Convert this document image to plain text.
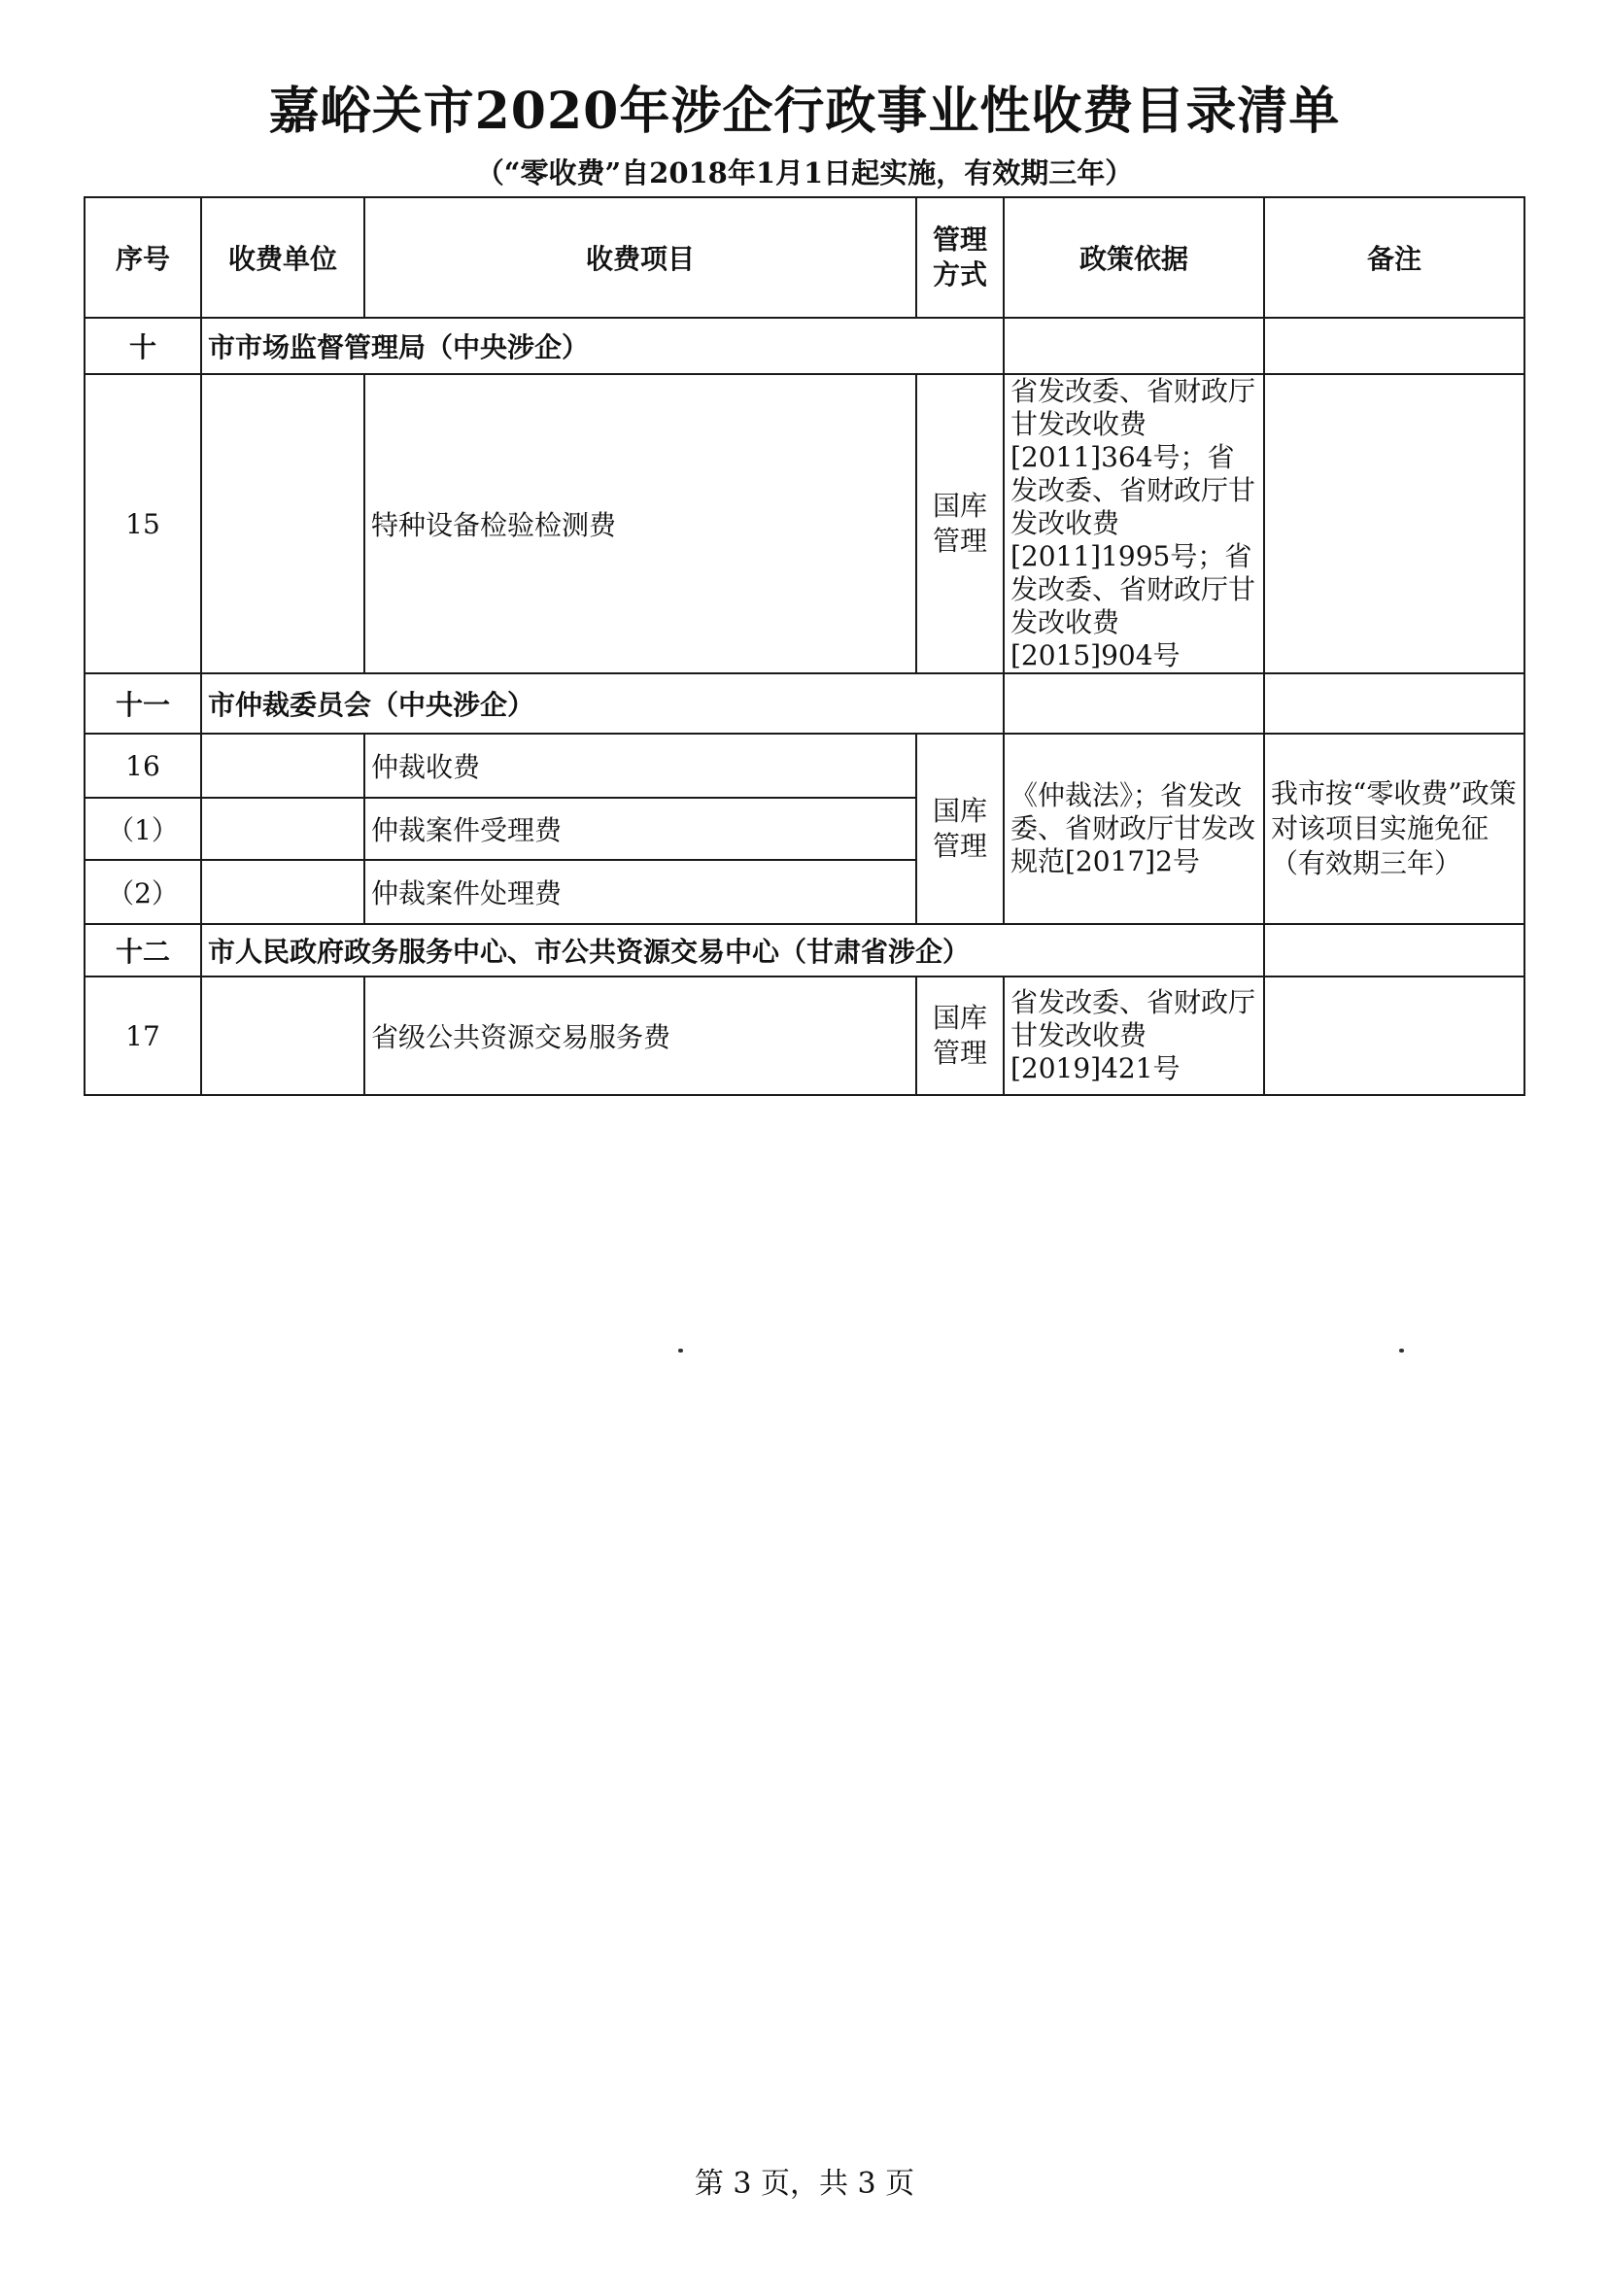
嘉峪关市2020年涉企行政事业性收费目录清单
（“零收费”自2018年1月1日起实施，有效期三年）
序号	收费单位	收费项目	管理方式	政策依据	备注
十	市市场监督管理局（中央涉企）				
15		特种设备检验检测费	国库管理	省发改委、省财政厅甘发改收费[2011]364号；省发改委、省财政厅甘发改收费[2011]1995号；省发改委、省财政厅甘发改收费[2015]904号	
十一	市仲裁委员会（中央涉企）				
16		仲裁收费	国库管理	《仲裁法》；省发改委、省财政厅甘发改规范[2017]2号	我市按“零收费”政策对该项目实施免征（有效期三年）
（1）		仲裁案件受理费			
（2）		仲裁案件处理费			
十二	市人民政府政务服务中心、市公共资源交易中心（甘肃省涉企）				
17		省级公共资源交易服务费	国库管理	省发改委、省财政厅甘发改收费[2019]421号	
第 3 页，共 3 页
